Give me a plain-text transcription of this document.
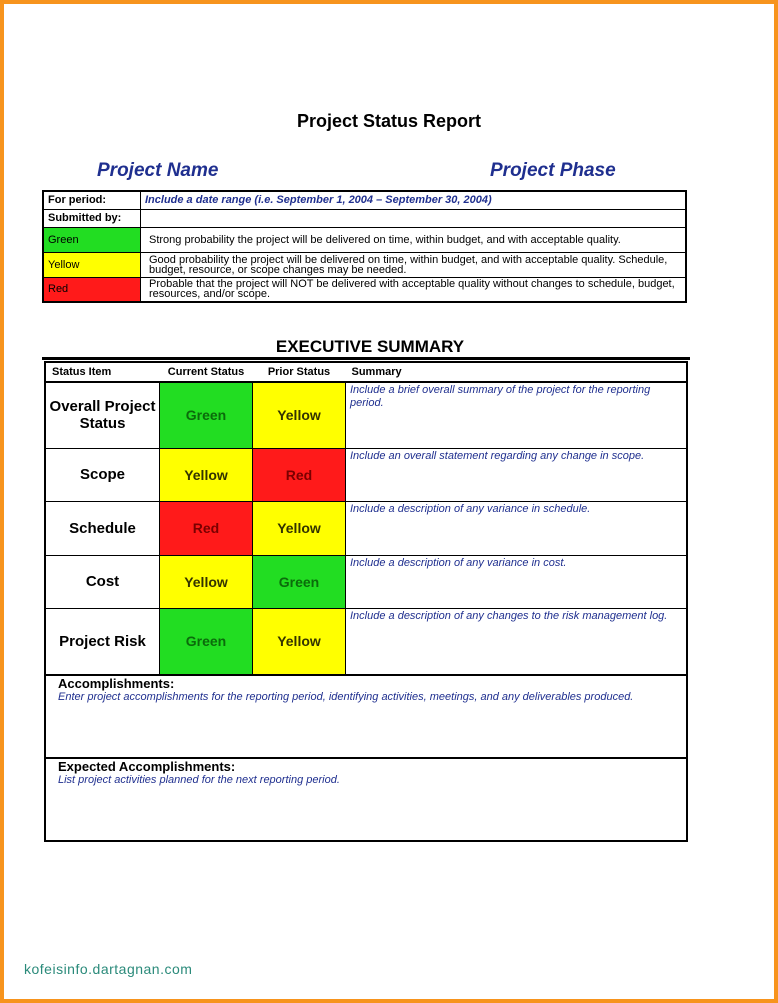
Project Status Report
Project Name	Project Phase
For period:	Include a date range (i.e. September 1, 2004 – September 30, 2004)
Submitted by:	
Green	Strong probability the project will be delivered on time, within budget, and with acceptable quality.
Yellow	Good probability the project will be delivered on time, within budget, and with acceptable quality. Schedule, budget, resource, or scope changes may be needed.
Red	Probable that the project will NOT be delivered with acceptable quality without changes to schedule, budget, resources, and/or scope.
EXECUTIVE SUMMARY
Status Item	Current Status	Prior Status	Summary
Overall Project Status	Green	Yellow	Include a brief overall summary of the project for the reporting period.
Scope	Yellow	Red	Include an overall statement regarding any change in scope.
Schedule	Red	Yellow	Include a description of any variance in schedule.
Cost	Yellow	Green	Include a description of any variance in cost.
Project Risk	Green	Yellow	Include a description of any changes to the risk management log.
Accomplishments:
Enter project accomplishments for the reporting period, identifying activities, meetings, and any deliverables produced.
Expected Accomplishments:
List project activities planned for the next reporting period.
kofeisinfo.dartagnan.com
